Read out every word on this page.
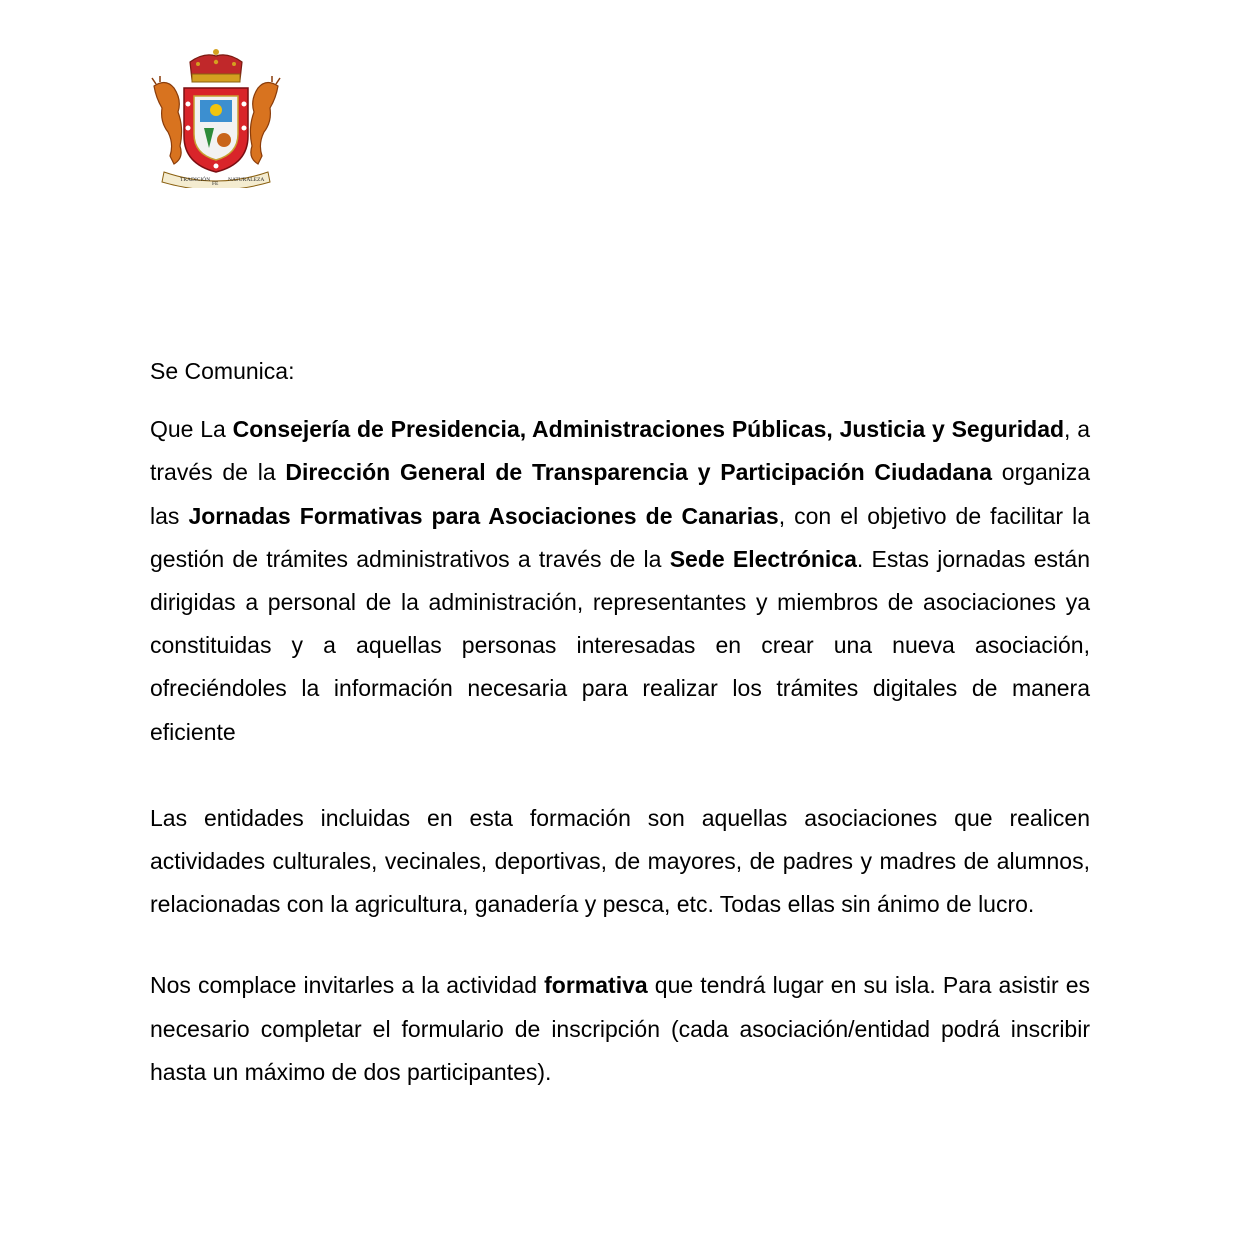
TRADICIÓN
FE
NATURALEZA

Se Comunica:

Que La Consejería de Presidencia, Administraciones Públicas, Justicia y Seguridad, a través de la Dirección General de Transparencia y Participación Ciudadana organiza las Jornadas Formativas para Asociaciones de Canarias, con el objetivo de facilitar la gestión de trámites administrativos a través de la Sede Electrónica. Estas jornadas están dirigidas a personal de la administración, representantes y miembros de asociaciones ya constituidas y a aquellas personas interesadas en crear una nueva asociación, ofreciéndoles la información necesaria para realizar los trámites digitales de manera eficiente

Las entidades incluidas en esta formación son aquellas asociaciones que realicen actividades culturales, vecinales, deportivas, de mayores, de padres y madres de alumnos, relacionadas con la agricultura, ganadería y pesca, etc. Todas ellas sin ánimo de lucro.

Nos complace invitarles a la actividad formativa que tendrá lugar en su isla. Para asistir es necesario completar el formulario de inscripción (cada asociación/entidad podrá inscribir hasta un máximo de dos participantes).
